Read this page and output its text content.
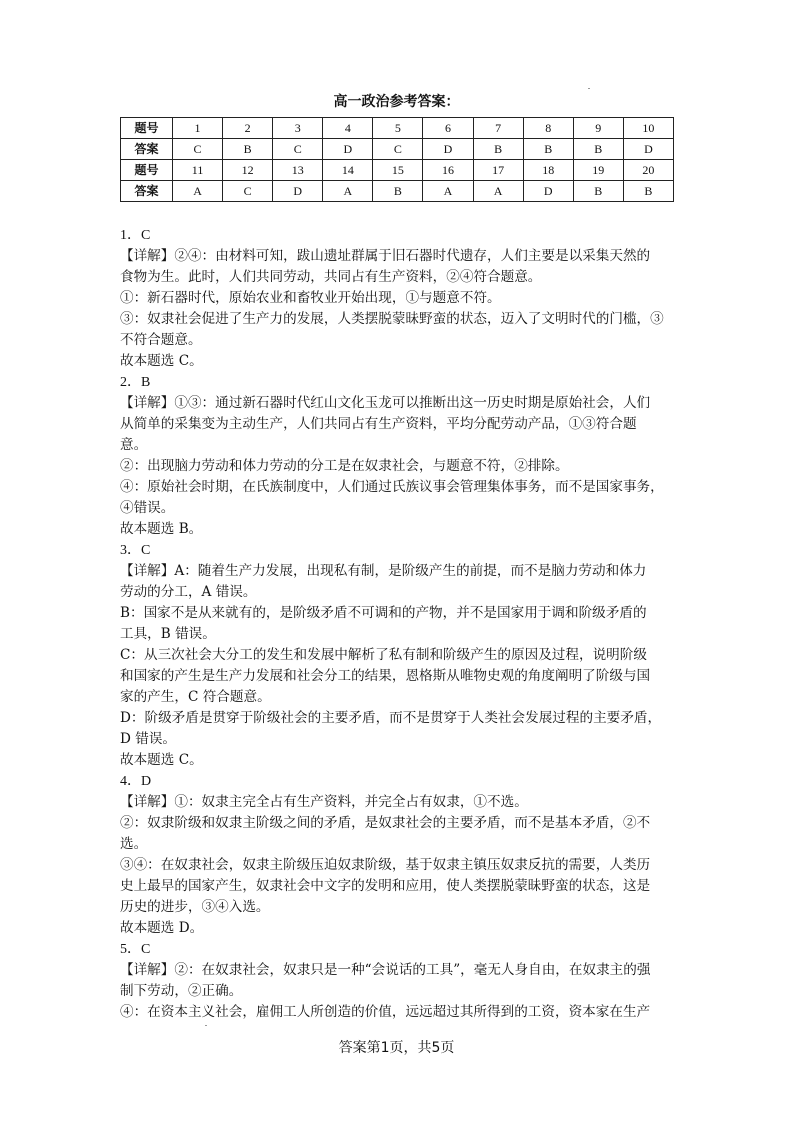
高一政治参考答案：
题号	1	2	3	4	5	6	7	8	9	10
答案	C	B	C	D	C	D	B	B	B	D
题号	11	12	13	14	15	16	17	18	19	20
答案	A	C	D	A	B	A	A	D	B	B

1．C

【详解】②④：由材料可知，跋山遗址群属于旧石器时代遗存，人们主要是以采集天然的

食物为生。此时，人们共同劳动，共同占有生产资料，②④符合题意。

①：新石器时代，原始农业和畜牧业开始出现，①与题意不符。

③：奴隶社会促进了生产力的发展，人类摆脱蒙昧野蛮的状态，迈入了文明时代的门槛，③

不符合题意。

故本题选 C。

2．B

【详解】①③：通过新石器时代红山文化玉龙可以推断出这一历史时期是原始社会，人们

从简单的采集变为主动生产，人们共同占有生产资料，平均分配劳动产品，①③符合题

意。

②：出现脑力劳动和体力劳动的分工是在奴隶社会，与题意不符，②排除。

④：原始社会时期，在氏族制度中，人们通过氏族议事会管理集体事务，而不是国家事务，

④错误。

故本题选 B。

3．C

【详解】A：随着生产力发展，出现私有制，是阶级产生的前提，而不是脑力劳动和体力

劳动的分工，A 错误。

B：国家不是从来就有的，是阶级矛盾不可调和的产物，并不是国家用于调和阶级矛盾的

工具，B 错误。

C：从三次社会大分工的发生和发展中解析了私有制和阶级产生的原因及过程，说明阶级

和国家的产生是生产力发展和社会分工的结果，恩格斯从唯物史观的角度阐明了阶级与国

家的产生，C 符合题意。

D：阶级矛盾是贯穿于阶级社会的主要矛盾，而不是贯穿于人类社会发展过程的主要矛盾，

D 错误。

故本题选 C。

4．D

【详解】①：奴隶主完全占有生产资料，并完全占有奴隶，①不选。

②：奴隶阶级和奴隶主阶级之间的矛盾，是奴隶社会的主要矛盾，而不是基本矛盾，②不

选。

③④：在奴隶社会，奴隶主阶级压迫奴隶阶级，基于奴隶主镇压奴隶反抗的需要，人类历

史上最早的国家产生，奴隶社会中文字的发明和应用，使人类摆脱蒙昧野蛮的状态，这是

历史的进步，③④入选。

故本题选 D。

5．C

【详解】②：在奴隶社会，奴隶只是一种“会说话的工具”，毫无人身自由，在奴隶主的强

制下劳动，②正确。

④：在资本主义社会，雇佣工人所创造的价值，远远超过其所得到的工资，资本家在生产

答案第1页，共5页
